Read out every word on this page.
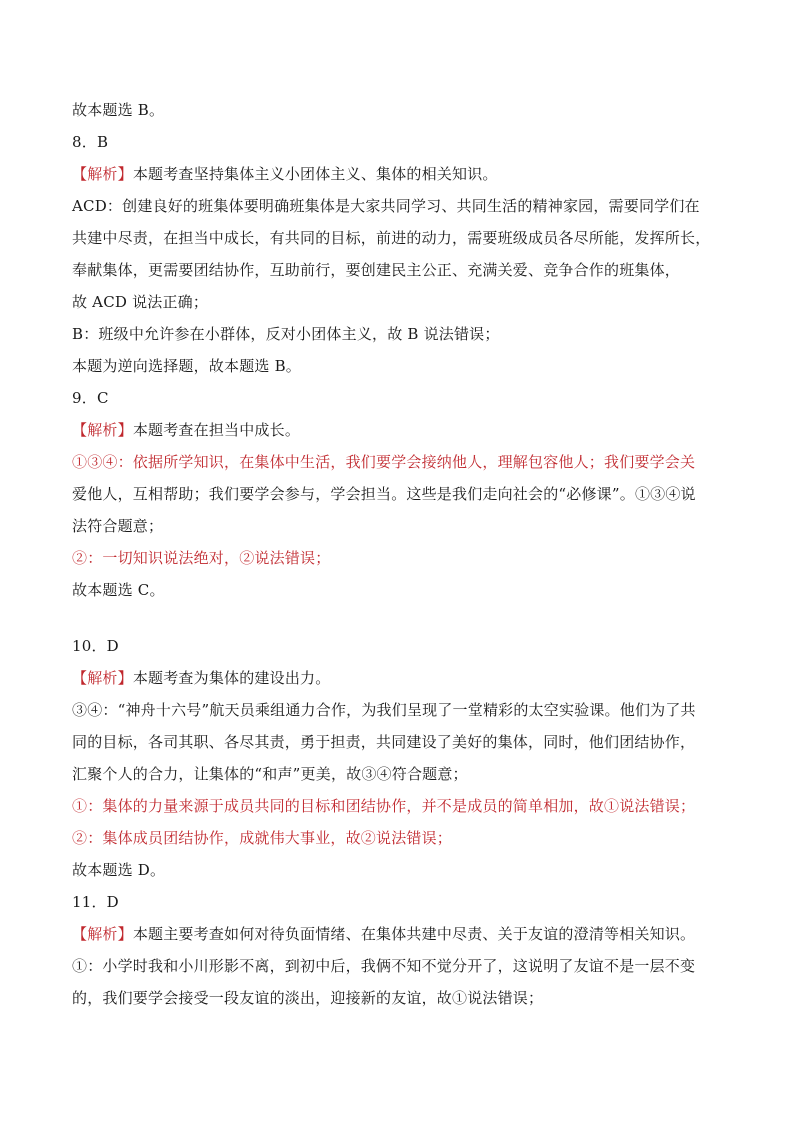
故本题选 B。
8．B
【解析】本题考查坚持集体主义小团体主义、集体的相关知识。
ACD：创建良好的班集体要明确班集体是大家共同学习、共同生活的精神家园，需要同学们在
共建中尽责，在担当中成长，有共同的目标，前进的动力，需要班级成员各尽所能，发挥所长，
奉献集体，更需要团结协作，互助前行，要创建民主公正、充满关爱、竞争合作的班集体，
故 ACD 说法正确；
B：班级中允许参在小群体，反对小团体主义，故 B 说法错误；
本题为逆向选择题，故本题选 B。
9．C
【解析】本题考查在担当中成长。
①③④：依据所学知识，在集体中生活，我们要学会接纳他人，理解包容他人；我们要学会关
爱他人，互相帮助；我们要学会参与，学会担当。这些是我们走向社会的“必修课”。①③④说
法符合题意；
②：一切知识说法绝对，②说法错误；
故本题选 C。
10．D
【解析】本题考查为集体的建设出力。
③④：“神舟十六号”航天员乘组通力合作，为我们呈现了一堂精彩的太空实验课。他们为了共
同的目标，各司其职、各尽其责，勇于担责，共同建设了美好的集体，同时，他们团结协作，
汇聚个人的合力，让集体的“和声”更美，故③④符合题意；
①：集体的力量来源于成员共同的目标和团结协作，并不是成员的简单相加，故①说法错误；
②：集体成员团结协作，成就伟大事业，故②说法错误；
故本题选 D。
11．D
【解析】本题主要考查如何对待负面情绪、在集体共建中尽责、关于友谊的澄清等相关知识。
①：小学时我和小川形影不离，到初中后，我俩不知不觉分开了，这说明了友谊不是一层不变
的，我们要学会接受一段友谊的淡出，迎接新的友谊，故①说法错误；
